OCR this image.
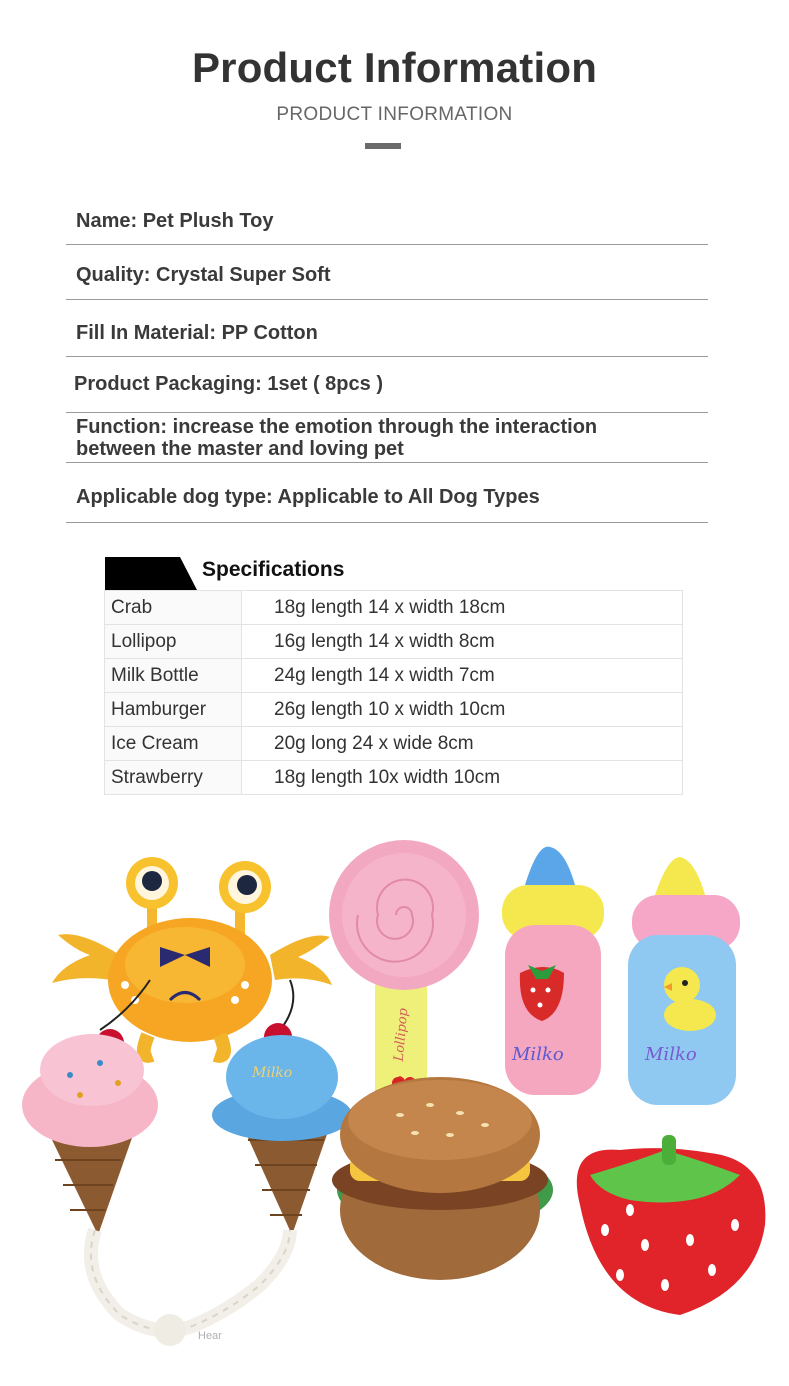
Product Information
PRODUCT INFORMATION
Name: Pet Plush Toy
Quality: Crystal Super Soft
Fill In Material: PP Cotton
Product Packaging: 1set ( 8pcs )
Function: increase the emotion through the interaction between the master and loving pet
Applicable dog type: Applicable to All Dog Types
Specifications
Crab	18g length 14 x width 18cm
Lollipop	16g length 14 x width 8cm
Milk Bottle	24g length 14 x width 7cm
Hamburger	26g length 10 x width 10cm
Ice Cream	20g long 24 x wide 8cm
Strawberry	18g length 10x width 10cm
Lollipop	Milko	Milko
Milko
Hear
